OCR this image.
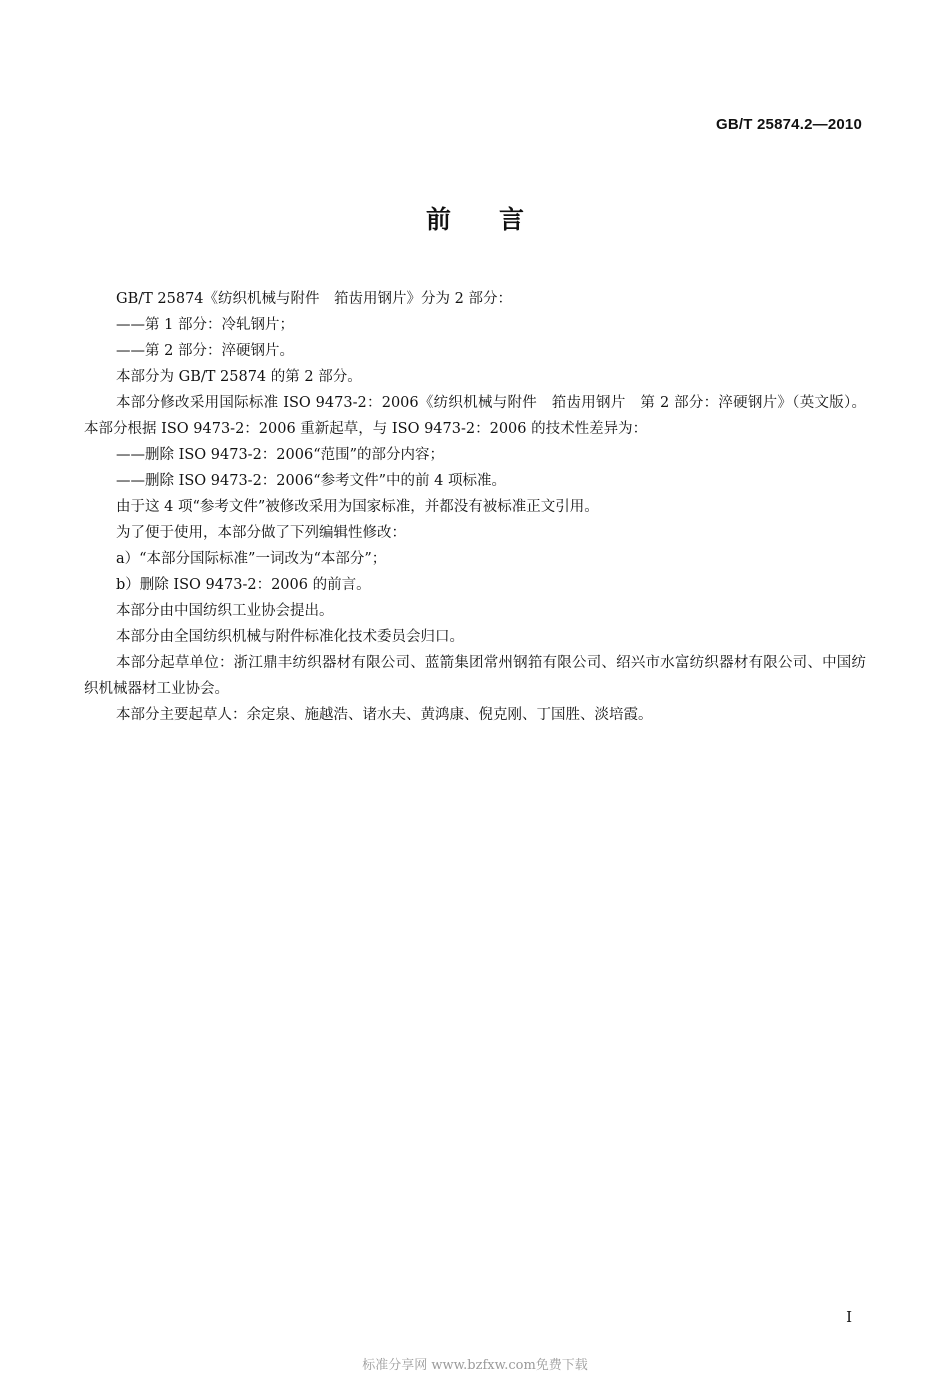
GB/T 25874.2—2010
前言

GB/T 25874《纺织机械与附件　筘齿用钢片》分为 2 部分：

——第 1 部分：冷轧钢片；

——第 2 部分：淬硬钢片。

本部分为 GB/T 25874 的第 2 部分。

本部分修改采用国际标准 ISO 9473-2：2006《纺织机械与附件　筘齿用钢片　第 2 部分：淬硬钢片》（英文版）。本部分根据 ISO 9473-2：2006 重新起草，与 ISO 9473-2：2006 的技术性差异为：

——删除 ISO 9473-2：2006“范围”的部分内容；

——删除 ISO 9473-2：2006“参考文件”中的前 4 项标准。

由于这 4 项“参考文件”被修改采用为国家标准，并都没有被标准正文引用。

为了便于使用，本部分做了下列编辑性修改：

a）“本部分国际标准”一词改为“本部分”；

b）删除 ISO 9473-2：2006 的前言。

本部分由中国纺织工业协会提出。

本部分由全国纺织机械与附件标准化技术委员会归口。

本部分起草单位：浙江鼎丰纺织器材有限公司、蓝箭集团常州钢筘有限公司、绍兴市水富纺织器材有限公司、中国纺织机械器材工业协会。

本部分主要起草人：余定泉、施越浩、诸水夫、黄鸿康、倪克刚、丁国胜、淡培霞。

I
标准分享网 www.bzfxw.com免费下载
